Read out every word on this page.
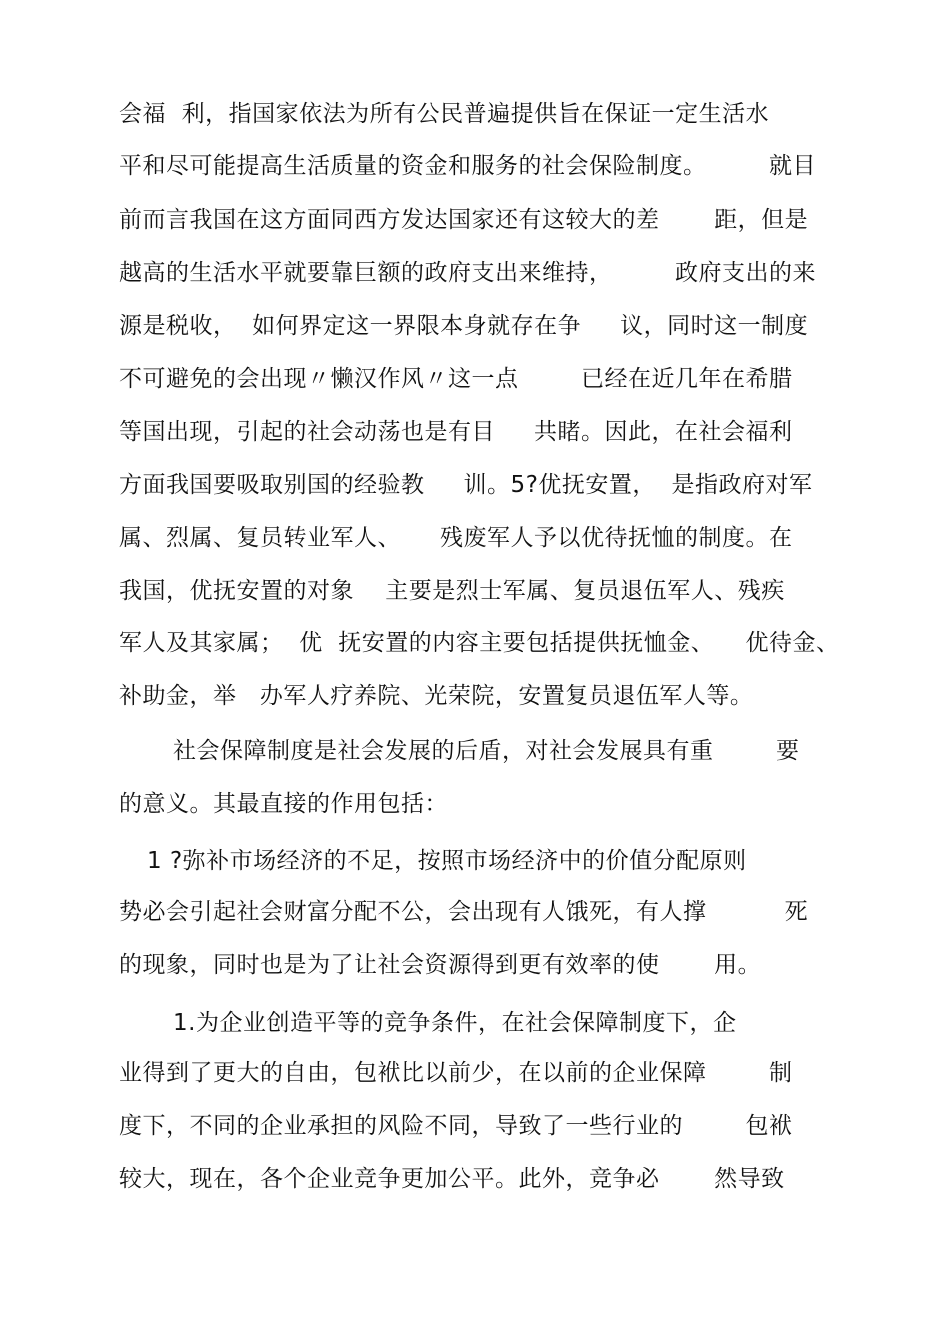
会福  利，指国家依法为所有公民普遍提供旨在保证一定生活水
平和尽可能提高生活质量的资金和服务的社会保险制度。        就目
前而言我国在这方面同西方发达国家还有这较大的差       距，但是
越高的生活水平就要靠巨额的政府支出来维持，        政府支出的来
源是税收，  如何界定这一界限本身就存在争     议，同时这一制度
不可避免的会出现〃懒汉作风〃这一点        已经在近几年在希腊
等国出现，引起的社会动荡也是有目     共睹。因此，在社会福利
方面我国要吸取别国的经验教     训。5?优抚安置，  是指政府对军
属、烈属、复员转业军人、     残废军人予以优待抚恤的制度。在
我国，优抚安置的对象    主要是烈士军属、复员退伍军人、残疾
军人及其家属；  优  抚安置的内容主要包括提供抚恤金、    优待金、
补助金，举   办军人疗养院、光荣院，安置复员退伍军人等。
社会保障制度是社会发展的后盾，对社会发展具有重        要
的意义。其最直接的作用包括：
1 ?弥补市场经济的不足，按照市场经济中的价值分配原则
势必会引起社会财富分配不公，会出现有人饿死，有人撑          死
的现象，同时也是为了让社会资源得到更有效率的使       用。
1.为企业创造平等的竞争条件，在社会保障制度下，企
业得到了更大的自由，包袱比以前少，在以前的企业保障        制
度下，不同的企业承担的风险不同，导致了一些行业的        包袱
较大，现在，各个企业竞争更加公平。此外，竞争必       然导致
